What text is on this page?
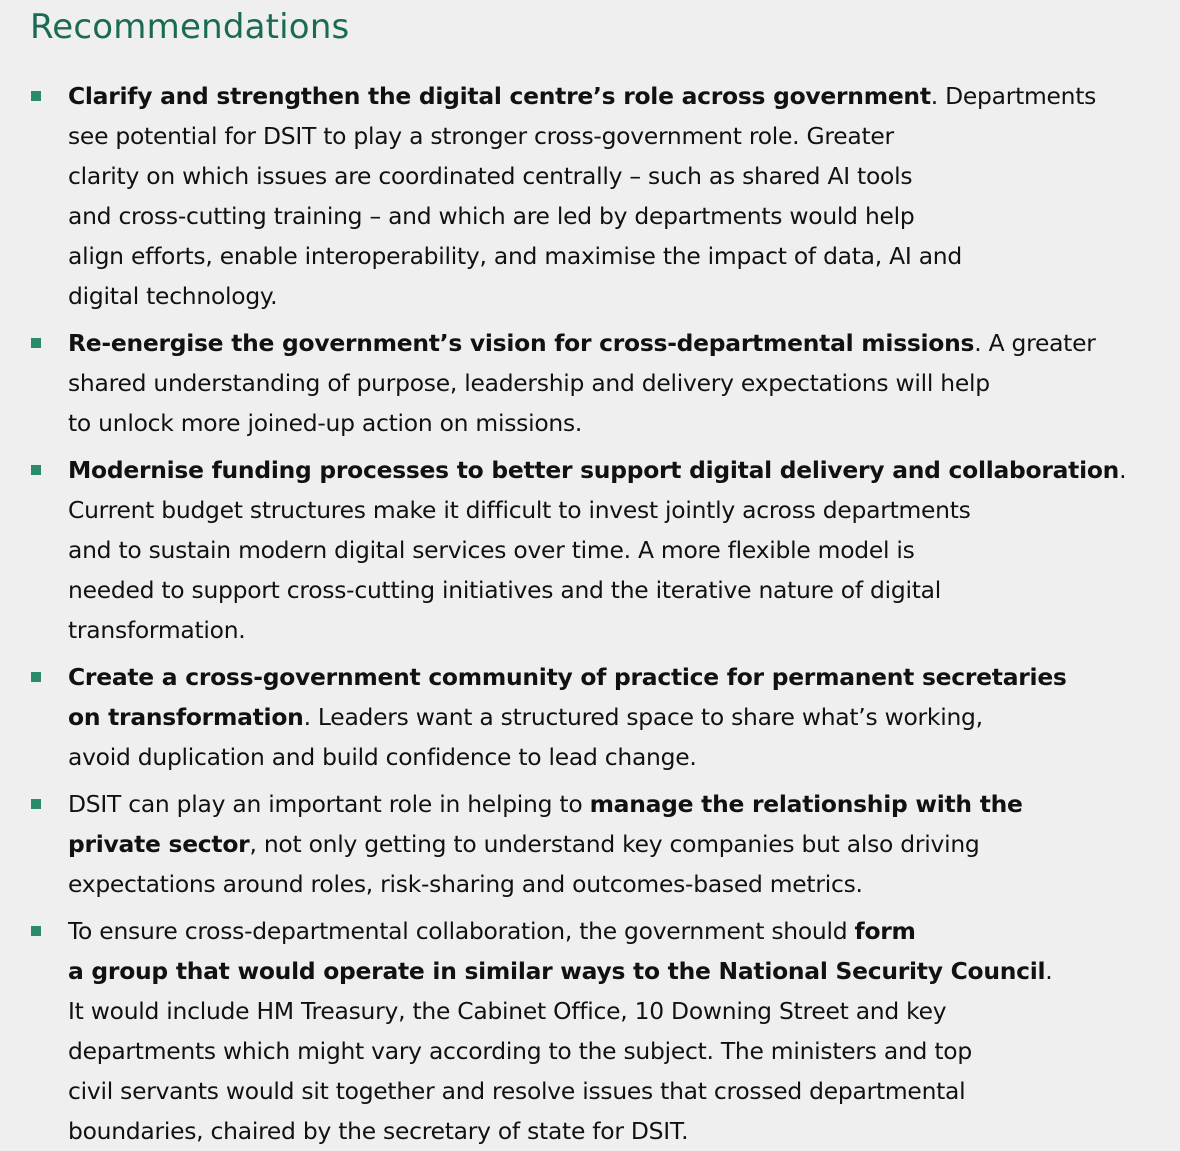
Recommendations
Clarify and strengthen the digital centre’s role across government. Departments
see potential for DSIT to play a stronger cross-government role. Greater
clarity on which issues are coordinated centrally – such as shared AI tools
and cross-cutting training – and which are led by departments would help
align efforts, enable interoperability, and maximise the impact of data, AI and
digital technology.
Re-energise the government’s vision for cross-departmental missions. A greater
shared understanding of purpose, leadership and delivery expectations will help
to unlock more joined-up action on missions.
Modernise funding processes to better support digital delivery and collaboration.
Current budget structures make it difficult to invest jointly across departments
and to sustain modern digital services over time. A more flexible model is
needed to support cross-cutting initiatives and the iterative nature of digital
transformation.
Create a cross-government community of practice for permanent secretaries
on transformation. Leaders want a structured space to share what’s working,
avoid duplication and build confidence to lead change.
DSIT can play an important role in helping to manage the relationship with the
private sector, not only getting to understand key companies but also driving
expectations around roles, risk-sharing and outcomes-based metrics.
To ensure cross-departmental collaboration, the government should form
a group that would operate in similar ways to the National Security Council.
It would include HM Treasury, the Cabinet Office, 10 Downing Street and key
departments which might vary according to the subject. The ministers and top
civil servants would sit together and resolve issues that crossed departmental
boundaries, chaired by the secretary of state for DSIT.
